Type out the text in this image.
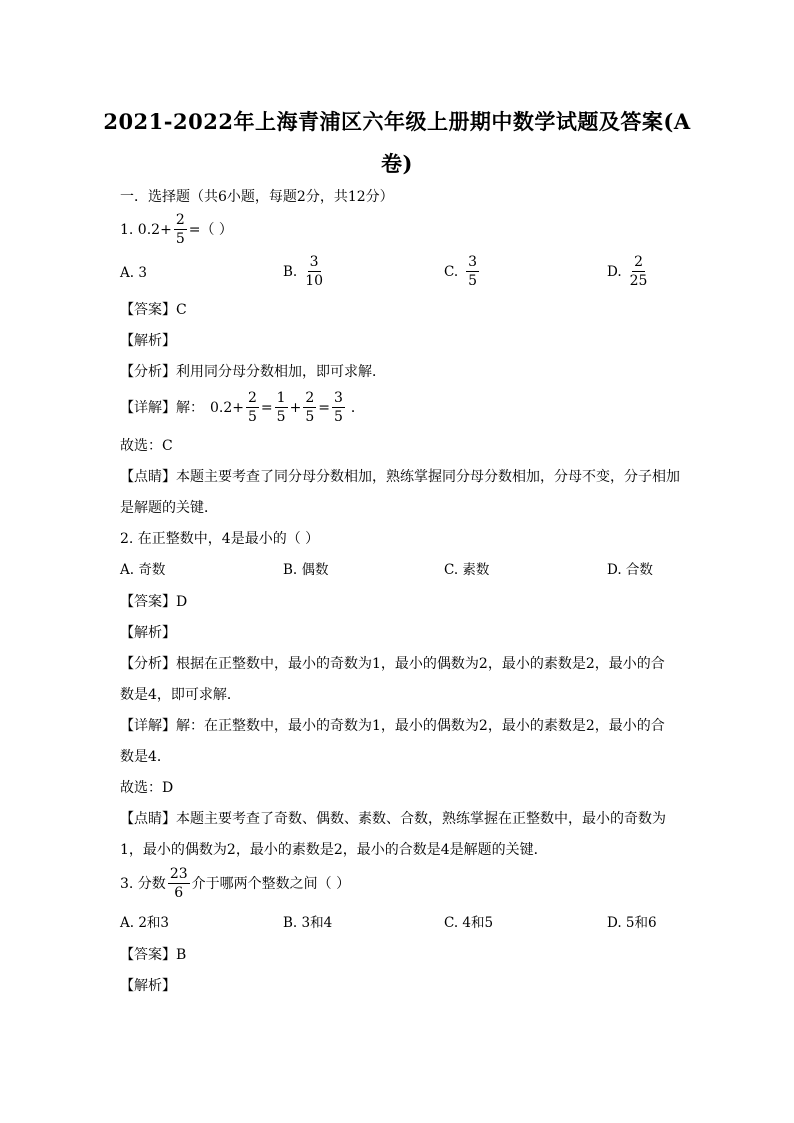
2021-2022年上海青浦区六年级上册期中数学试题及答案(A
卷)
一．选择题（共6小题，每题2分，共12分）
1. $0.2+ \frac{2}{5}$ =（ ）
A. 3	B. $\frac{3}{10}$	C. $\frac{3}{5}$	D. $\frac{2}{25}$
【答案】C
【解析】
【分析】利用同分母分数相加，即可求解．
【详解】解： $0.2+ \frac{2}{5} = \frac{1}{5} + \frac{2}{5} = \frac{3}{5}$ ．
故选：C
【点睛】本题主要考查了同分母分数相加，熟练掌握同分母分数相加，分母不变，分子相加
是解题的关键．
2. 在正整数中，4是最小的（ ）
A. 奇数	B. 偶数	C. 素数	D. 合数
【答案】D
【解析】
【分析】根据在正整数中，最小的奇数为1，最小的偶数为2，最小的素数是2，最小的合
数是4，即可求解．
【详解】解：在正整数中，最小的奇数为1，最小的偶数为2，最小的素数是2，最小的合
数是4．
故选：D
【点睛】本题主要考查了奇数、偶数、素数、合数，熟练掌握在正整数中，最小的奇数为
1，最小的偶数为2，最小的素数是2，最小的合数是4是解题的关键．
3. 分数 $\frac{23}{6}$ 介于哪两个整数之间（ ）
A. 2和3	B. 3和4	C. 4和5	D. 5和6
【答案】B
【解析】
